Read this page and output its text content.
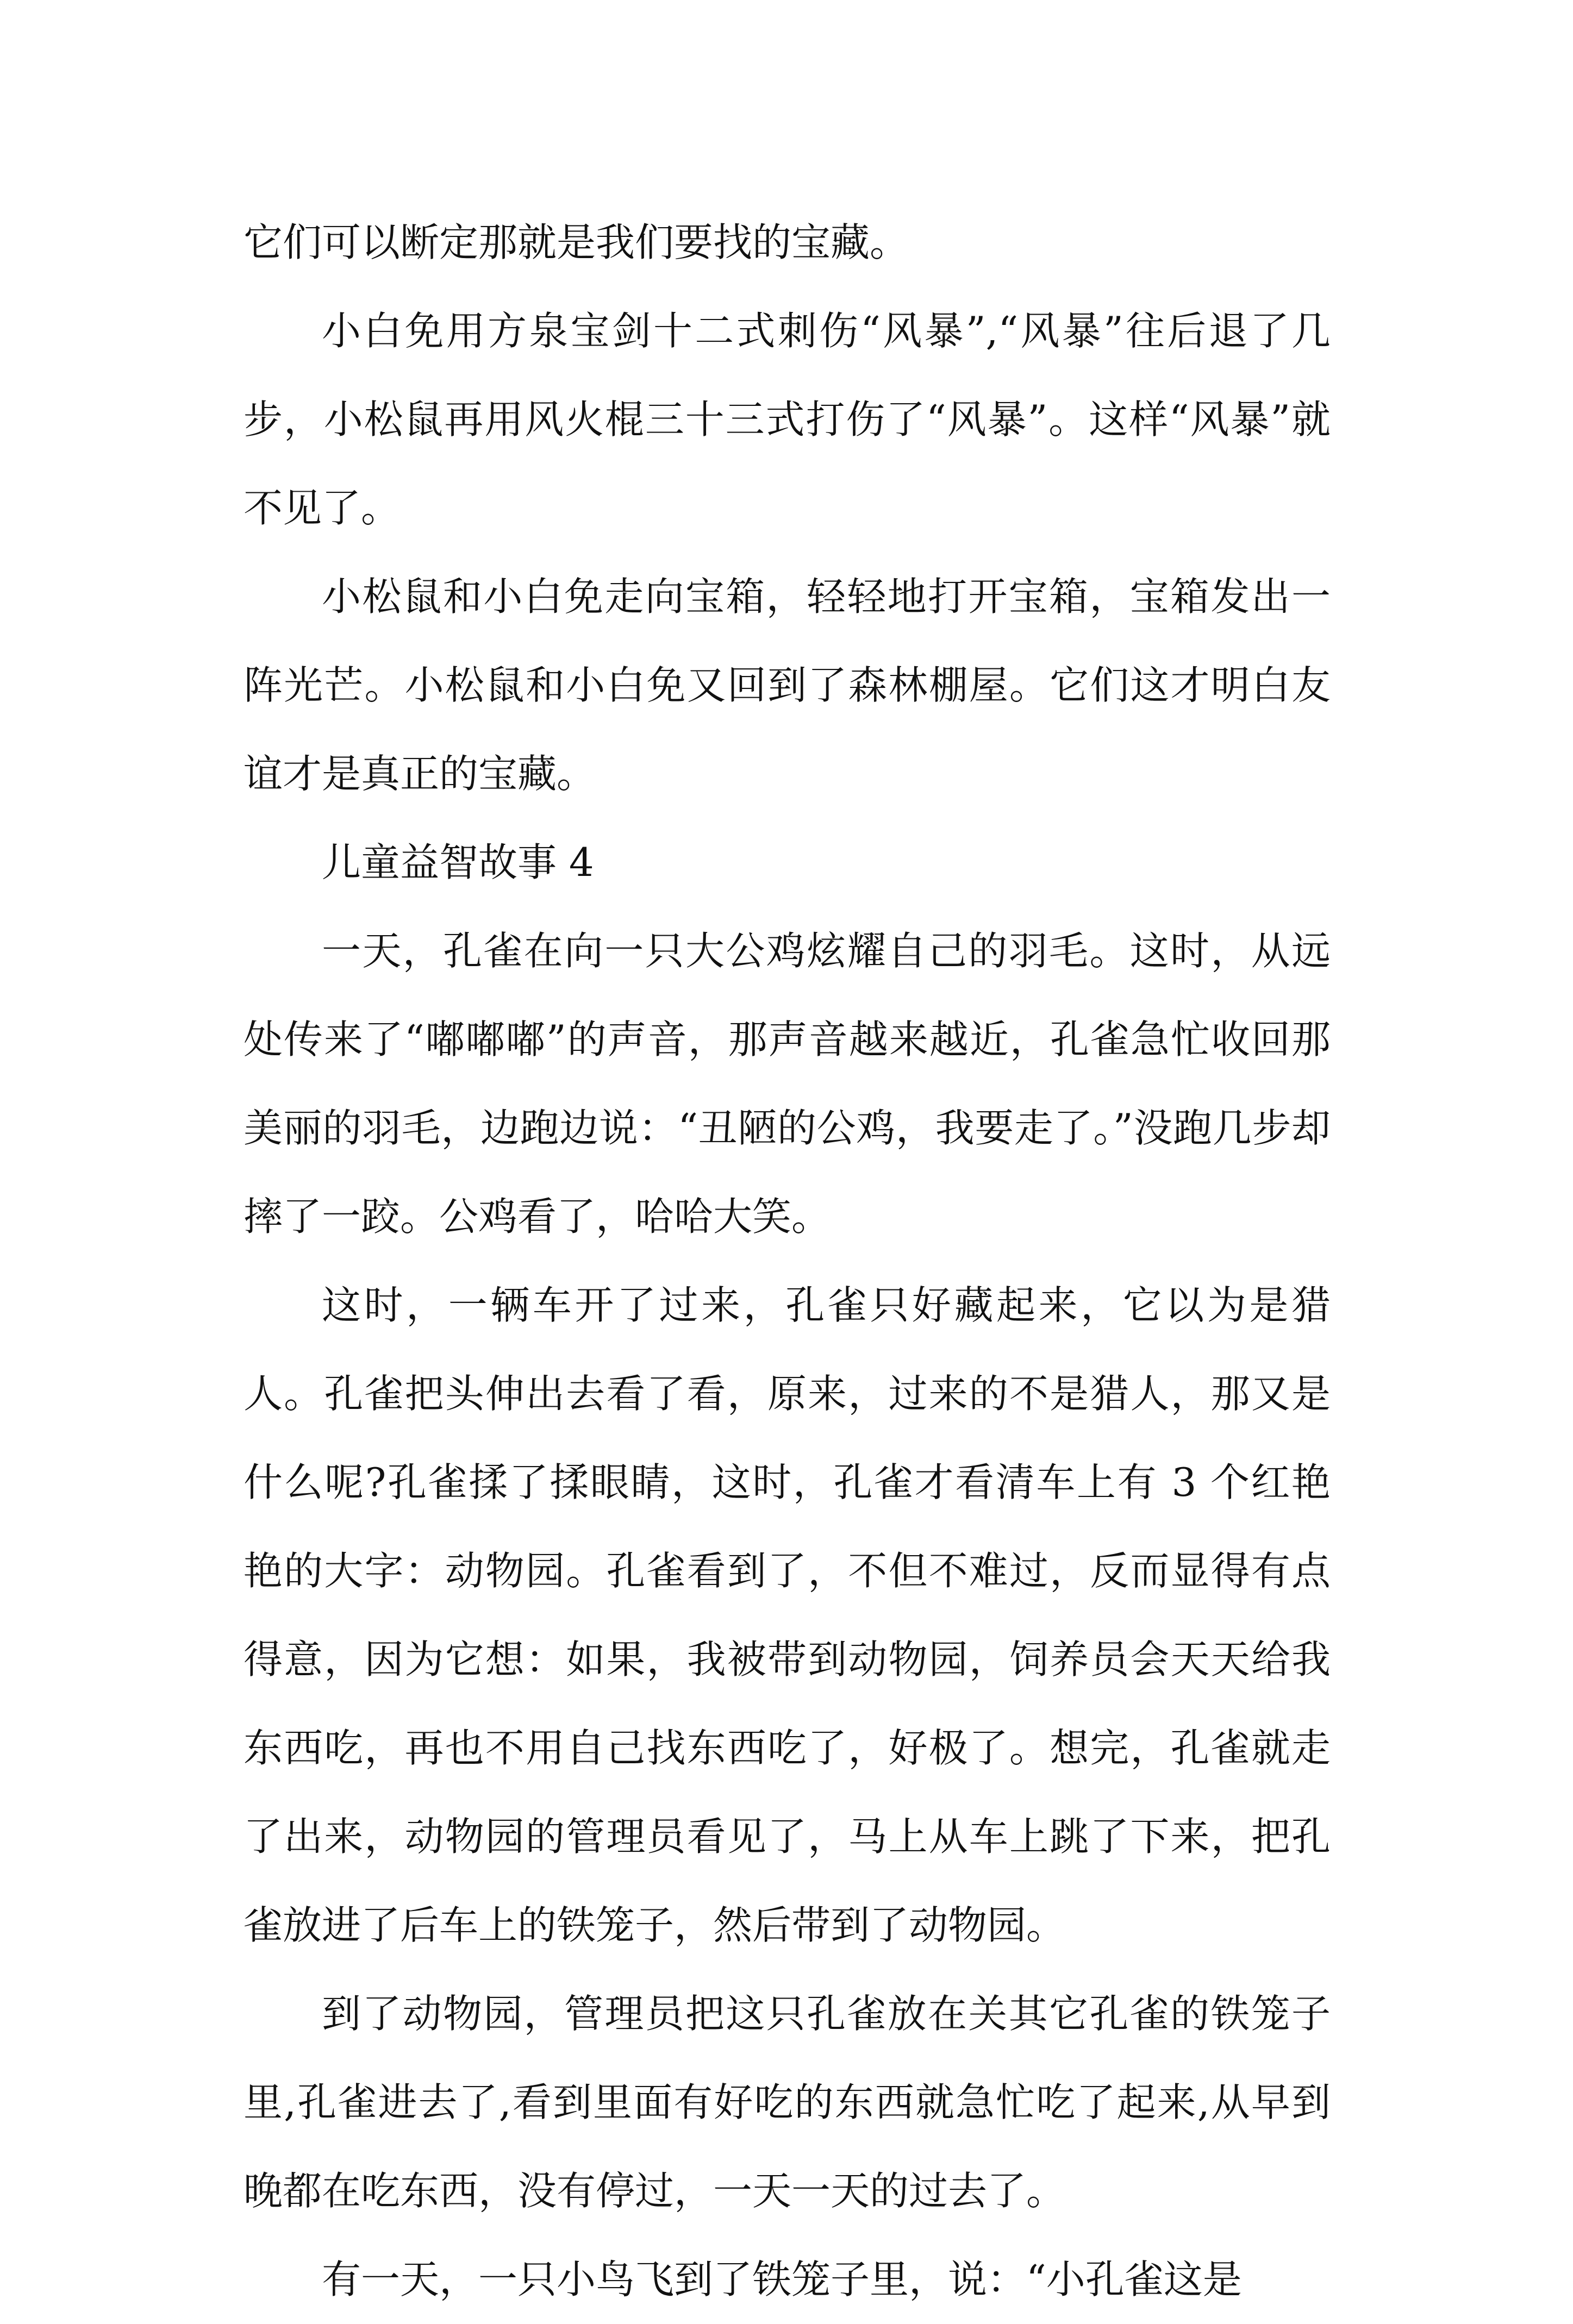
它们可以断定那就是我们要找的宝藏。

小白免用方泉宝剑十二式刺伤“风暴”,“风暴”往后退了几步，小松鼠再用风火棍三十三式打伤了“风暴”。这样“风暴”就不见了。

小松鼠和小白免走向宝箱，轻轻地打开宝箱，宝箱发出一阵光芒。小松鼠和小白免又回到了森林棚屋。它们这才明白友谊才是真正的宝藏。

儿童益智故事 4

一天，孔雀在向一只大公鸡炫耀自己的羽毛。这时，从远处传来了“嘟嘟嘟”的声音，那声音越来越近，孔雀急忙收回那美丽的羽毛，边跑边说：“丑陋的公鸡，我要走了。”没跑几步却摔了一跤。公鸡看了，哈哈大笑。

这时，一辆车开了过来，孔雀只好藏起来，它以为是猎人。孔雀把头伸出去看了看，原来，过来的不是猎人，那又是什么呢?孔雀揉了揉眼睛，这时，孔雀才看清车上有 3 个红艳艳的大字：动物园。孔雀看到了，不但不难过，反而显得有点得意，因为它想：如果，我被带到动物园，饲养员会天天给我东西吃，再也不用自己找东西吃了，好极了。想完，孔雀就走了出来，动物园的管理员看见了，马上从车上跳了下来，把孔雀放进了后车上的铁笼子，然后带到了动物园。

到了动物园，管理员把这只孔雀放在关其它孔雀的铁笼子里,孔雀进去了,看到里面有好吃的东西就急忙吃了起来,从早到晚都在吃东西，没有停过，一天一天的过去了。

有一天，一只小鸟飞到了铁笼子里，说：“小孔雀这是
